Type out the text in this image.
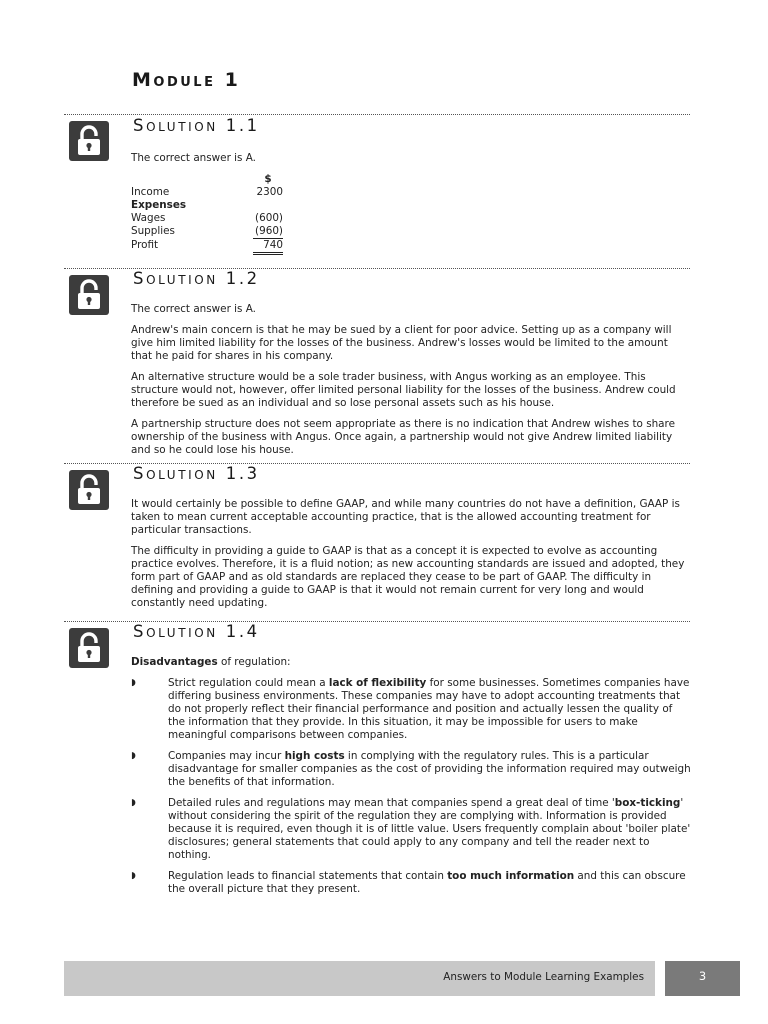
Module 1
Solution 1.1

The correct answer is A.

	$
Income	2300
Expenses	
Wages	(600)
Supplies	(960)
Profit	740
Solution 1.2

The correct answer is A.

Andrew's main concern is that he may be sued by a client for poor advice. Setting up as a company will give him limited liability for the losses of the business. Andrew's losses would be limited to the amount that he paid for shares in his company.

An alternative structure would be a sole trader business, with Angus working as an employee. This structure would not, however, offer limited personal liability for the losses of the business. Andrew could therefore be sued as an individual and so lose personal assets such as his house.

A partnership structure does not seem appropriate as there is no indication that Andrew wishes to share ownership of the business with Angus. Once again, a partnership would not give Andrew limited liability and so he could lose his house.

Solution 1.3

It would certainly be possible to define GAAP, and while many countries do not have a definition, GAAP is taken to mean current acceptable accounting practice, that is the allowed accounting treatment for particular transactions.

The difficulty in providing a guide to GAAP is that as a concept it is expected to evolve as accounting practice evolves. Therefore, it is a fluid notion; as new accounting standards are issued and adopted, they form part of GAAP and as old standards are replaced they cease to be part of GAAP. The difficulty in defining and providing a guide to GAAP is that it would not remain current for very long and would constantly need updating.

Solution 1.4

Disadvantages of regulation:

◗	Strict regulation could mean a lack of flexibility for some businesses. Sometimes companies have differing business environments. These companies may have to adopt accounting treatments that do not properly reflect their financial performance and position and actually lessen the quality of the information that they provide. In this situation, it may be impossible for users to make meaningful comparisons between companies.
◗	Companies may incur high costs in complying with the regulatory rules. This is a particular disadvantage for smaller companies as the cost of providing the information required may outweigh the benefits of that information.
◗	Detailed rules and regulations may mean that companies spend a great deal of time 'box-ticking' without considering the spirit of the regulation they are complying with. Information is provided because it is required, even though it is of little value. Users frequently complain about 'boiler plate' disclosures; general statements that could apply to any company and tell the reader next to nothing.
◗	Regulation leads to financial statements that contain too much information and this can obscure the overall picture that they present.
Answers to Module Learning Examples	3
